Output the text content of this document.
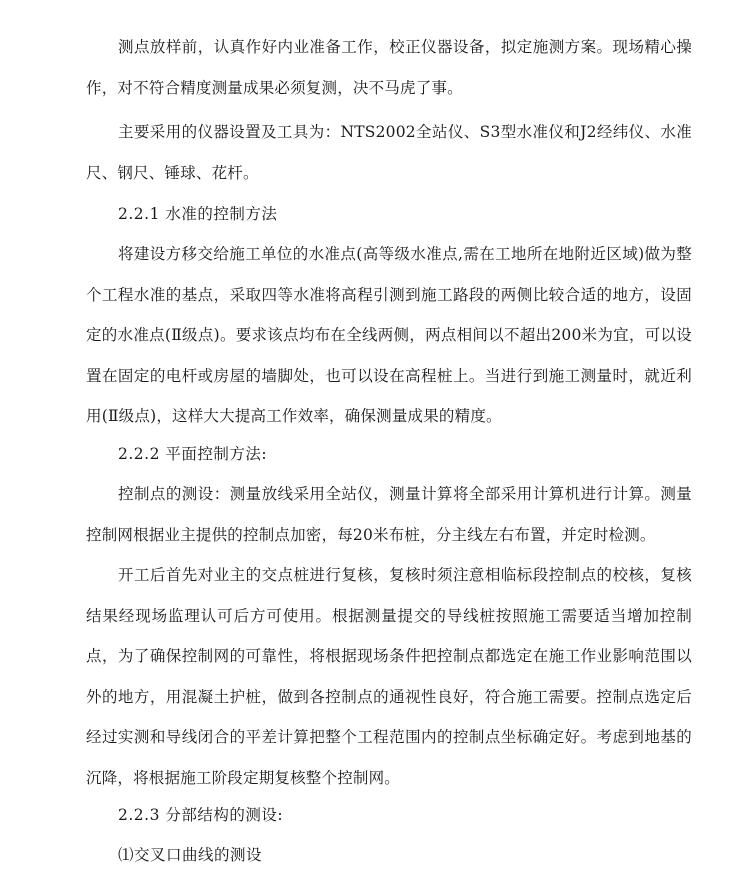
测点放样前，认真作好内业准备工作，校正仪器设备，拟定施测方案。现场精心操作，对不符合精度测量成果必须复测，决不马虎了事。

主要采用的仪器设置及工具为：NTS2002全站仪、S3型水准仪和J2经纬仪、水准尺、钢尺、锤球、花杆。

2.2.1 水准的控制方法

将建设方移交给施工单位的水准点(高等级水准点,需在工地所在地附近区域)做为整个工程水准的基点，采取四等水准将高程引测到施工路段的两侧比较合适的地方，设固定的水准点(Ⅱ级点)。要求该点均布在全线两侧，两点相间以不超出200米为宜，可以设置在固定的电杆或房屋的墙脚处，也可以设在高程桩上。当进行到施工测量时，就近利用(Ⅱ级点)，这样大大提高工作效率，确保测量成果的精度。

2.2.2 平面控制方法:

控制点的测设：测量放线采用全站仪，测量计算将全部采用计算机进行计算。测量控制网根据业主提供的控制点加密，每20米布桩，分主线左右布置，并定时检测。

开工后首先对业主的交点桩进行复核，复核时须注意相临标段控制点的校核，复核结果经现场监理认可后方可使用。根据测量提交的导线桩按照施工需要适当增加控制点，为了确保控制网的可靠性，将根据现场条件把控制点都选定在施工作业影响范围以外的地方，用混凝土护桩，做到各控制点的通视性良好，符合施工需要。控制点选定后经过实测和导线闭合的平差计算把整个工程范围内的控制点坐标确定好。考虑到地基的沉降，将根据施工阶段定期复核整个控制网。

2.2.3 分部结构的测设:

⑴交叉口曲线的测设
